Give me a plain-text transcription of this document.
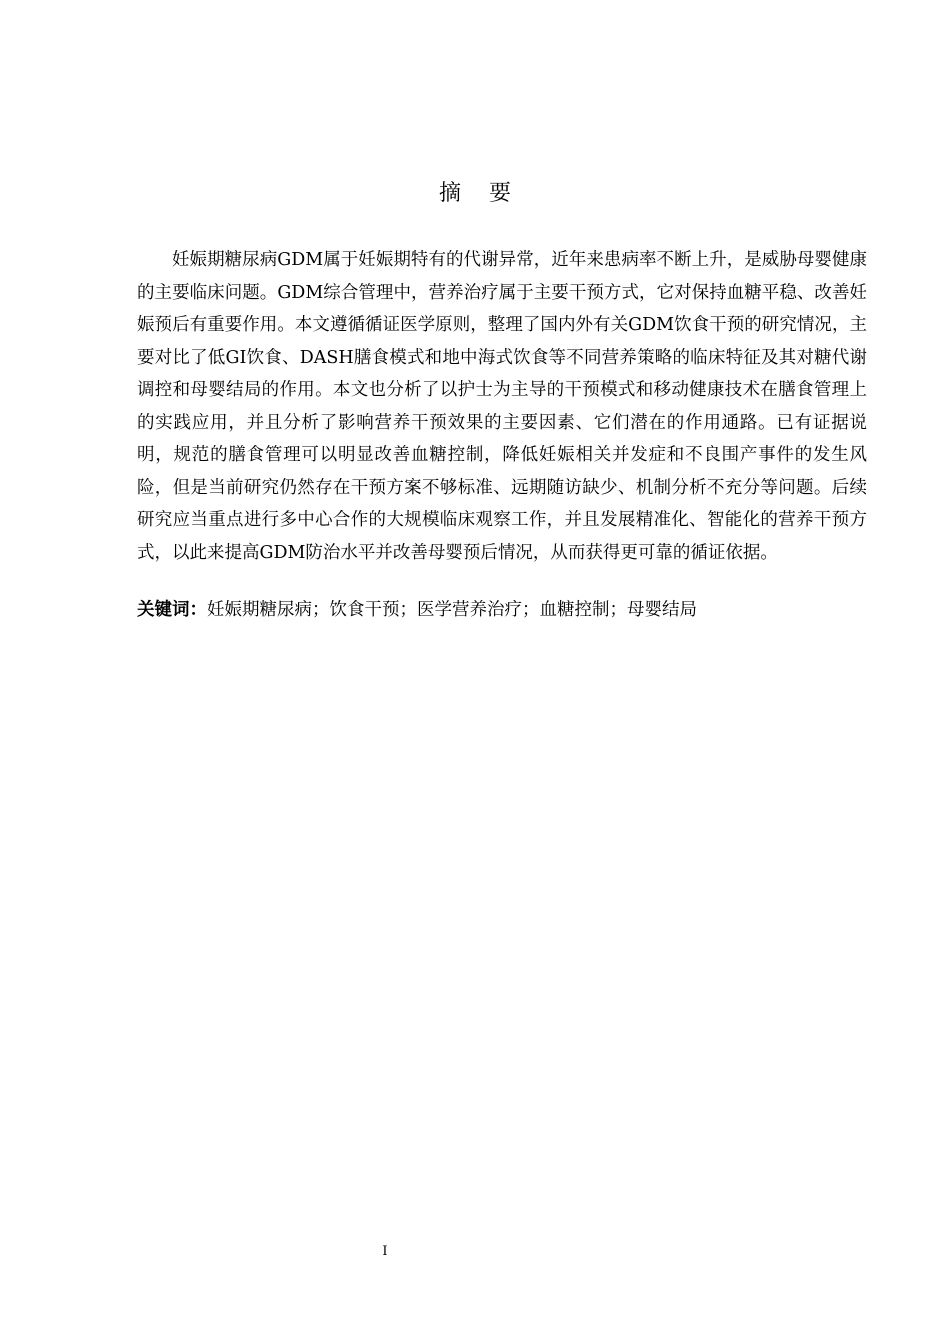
摘    要

妊娠期糖尿病GDM属于妊娠期特有的代谢异常，近年来患病率不断上升，是威胁母婴健康的主要临床问题。GDM综合管理中，营养治疗属于主要干预方式，它对保持血糖平稳、改善妊娠预后有重要作用。本文遵循循证医学原则，整理了国内外有关GDM饮食干预的研究情况，主要对比了低GI饮食、DASH膳食模式和地中海式饮食等不同营养策略的临床特征及其对糖代谢调控和母婴结局的作用。本文也分析了以护士为主导的干预模式和移动健康技术在膳食管理上的实践应用，并且分析了影响营养干预效果的主要因素、它们潜在的作用通路。已有证据说明，规范的膳食管理可以明显改善血糖控制，降低妊娠相关并发症和不良围产事件的发生风险，但是当前研究仍然存在干预方案不够标准、远期随访缺少、机制分析不充分等问题。后续研究应当重点进行多中心合作的大规模临床观察工作，并且发展精准化、智能化的营养干预方式，以此来提高GDM防治水平并改善母婴预后情况，从而获得更可靠的循证依据。

关键词：妊娠期糖尿病；饮食干预；医学营养治疗；血糖控制；母婴结局

I
